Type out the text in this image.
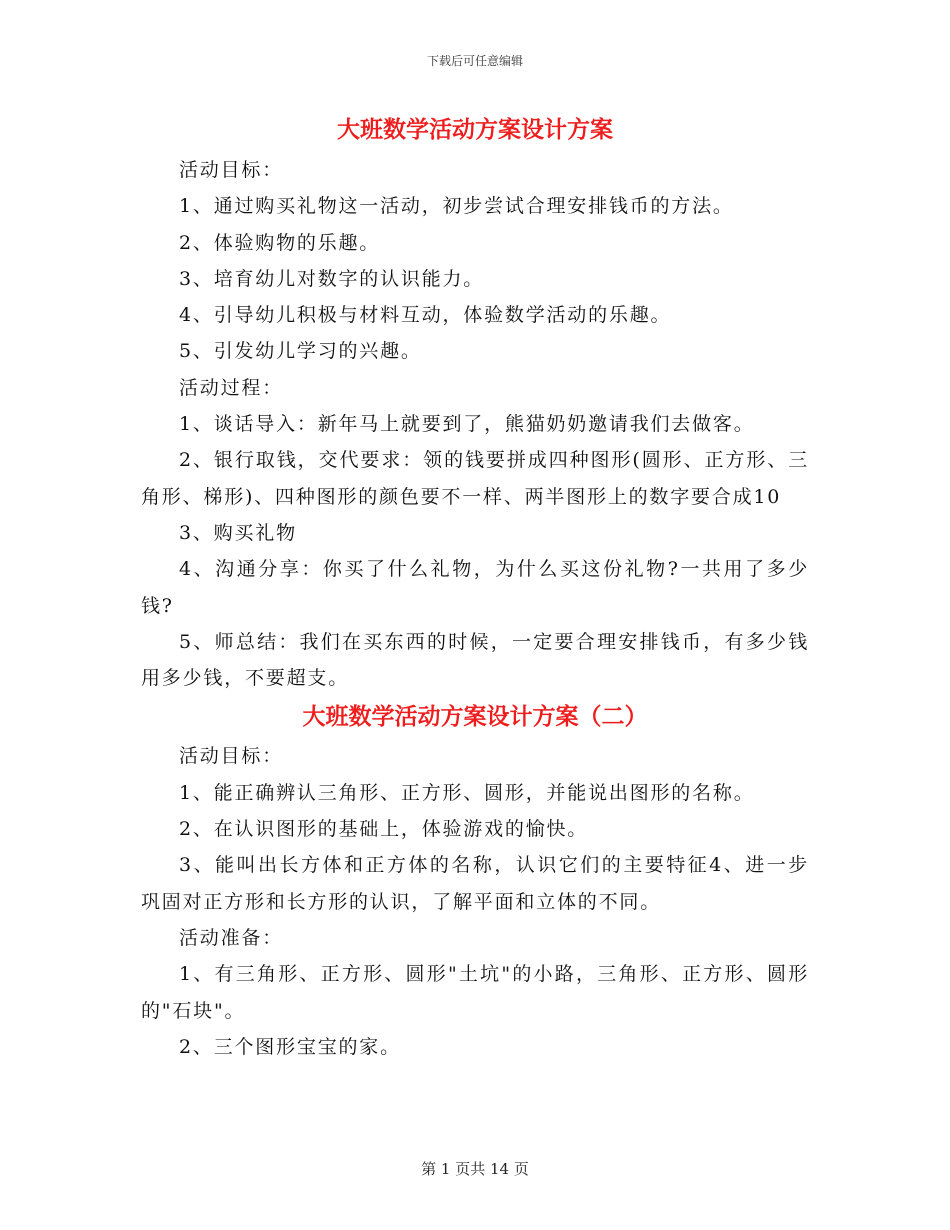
下载后可任意编辑
大班数学活动方案设计方案

活动目标：

1、通过购买礼物这一活动，初步尝试合理安排钱币的方法。

2、体验购物的乐趣。

3、培育幼儿对数字的认识能力。

4、引导幼儿积极与材料互动，体验数学活动的乐趣。

5、引发幼儿学习的兴趣。

活动过程：

1、谈话导入：新年马上就要到了，熊猫奶奶邀请我们去做客。

2、银行取钱，交代要求：领的钱要拼成四种图形(圆形、正方形、三角形、梯形)、四种图形的颜色要不一样、两半图形上的数字要合成10

3、购买礼物

4、沟通分享：你买了什么礼物，为什么买这份礼物?一共用了多少钱?

5、师总结：我们在买东西的时候，一定要合理安排钱币，有多少钱用多少钱，不要超支。

大班数学活动方案设计方案（二）

活动目标：

1、能正确辨认三角形、正方形、圆形，并能说出图形的名称。

2、在认识图形的基础上，体验游戏的愉快。

3、能叫出长方体和正方体的名称，认识它们的主要特征4、进一步巩固对正方形和长方形的认识，了解平面和立体的不同。

活动准备：

1、有三角形、正方形、圆形"土坑"的小路，三角形、正方形、圆形的"石块"。

2、三个图形宝宝的家。

第 1 页共 14 页
